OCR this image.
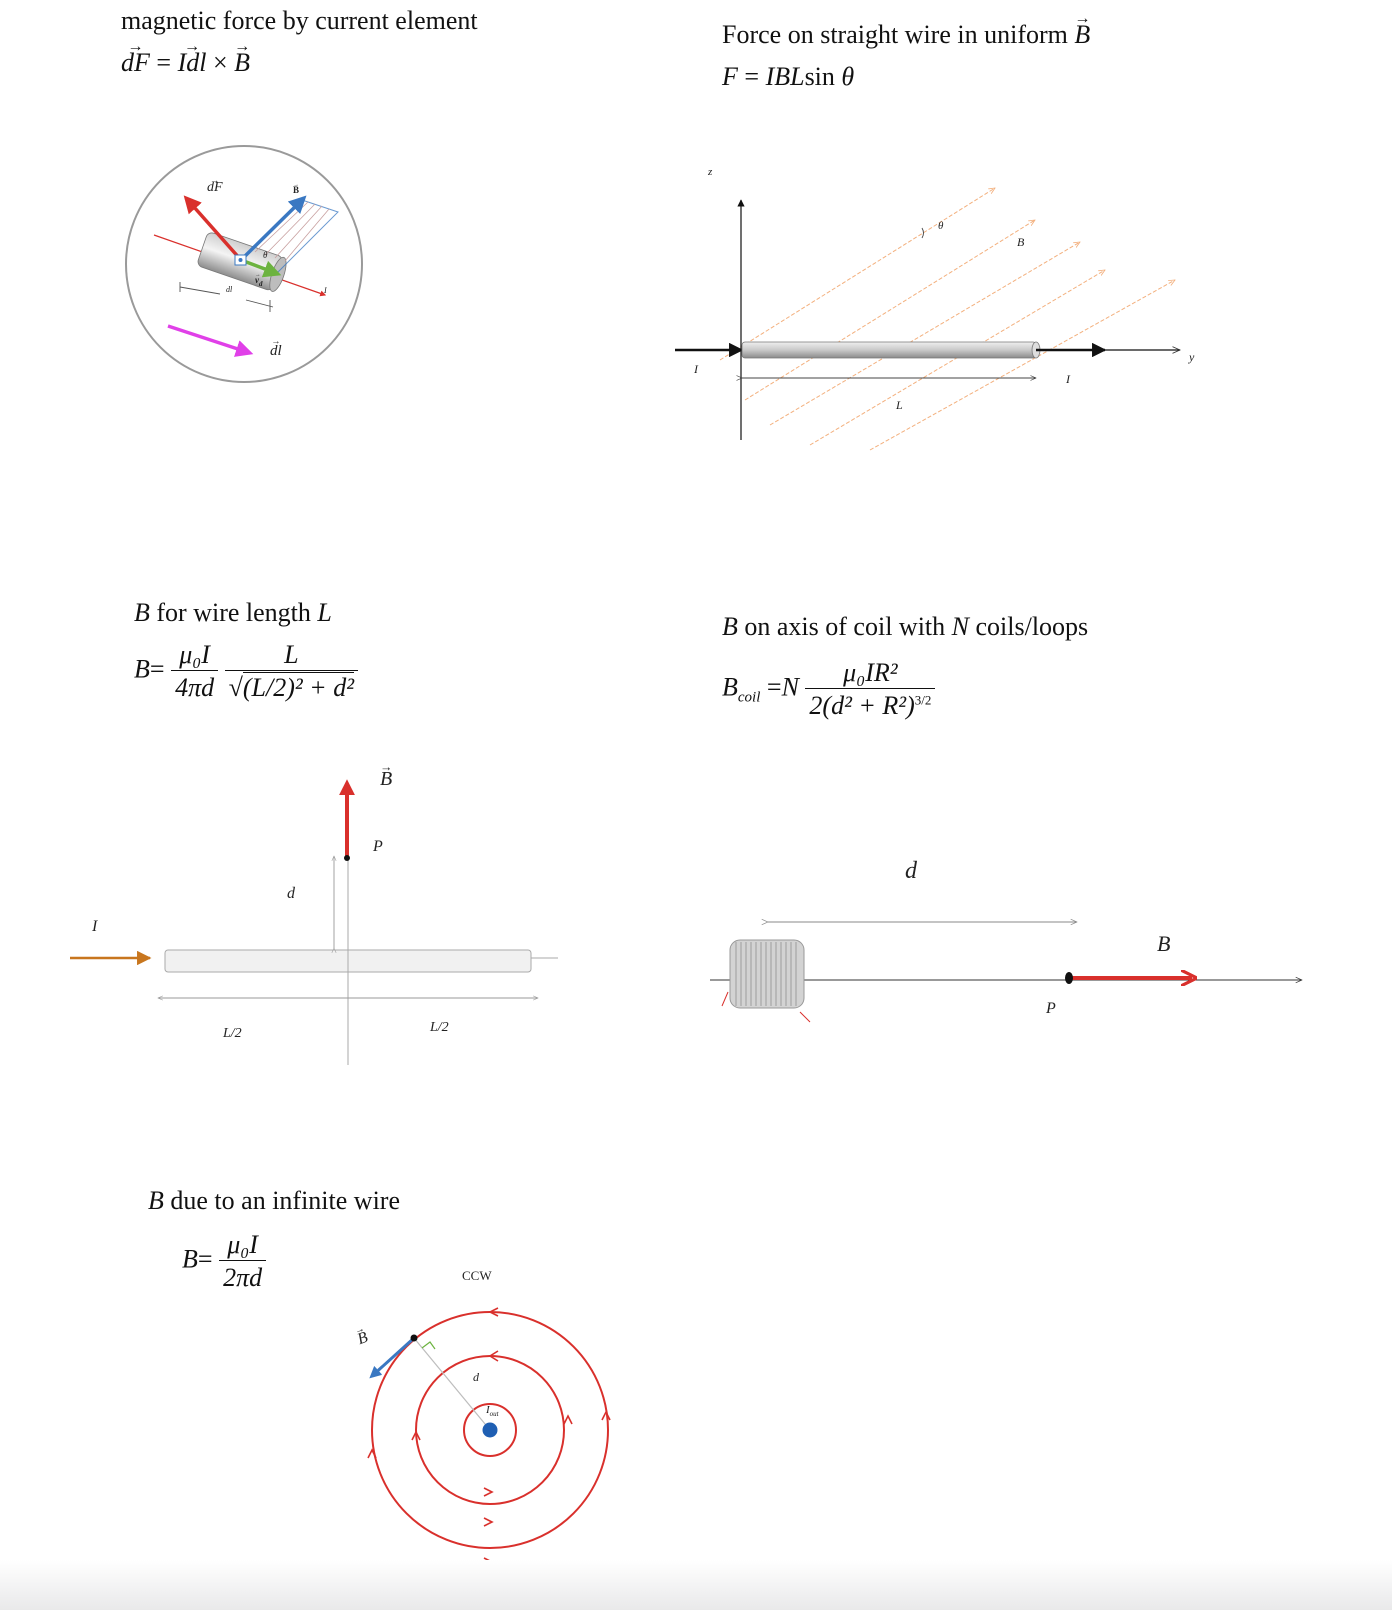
magnetic force by current element
→ dF = → Idl × → B
→ dF	→ B
θ
→ $v_d$
dl	I
→ dl
Force on straight wire in uniform → B
F = IBLsin θ
z
θ
B
y
I
I
L
B for wire length L
$B= \frac{\text{μ₀I}}{4\pi d}$
$\frac{L}{\text{√(L/2)² + d²}}$
I
→ B
P
d
L/2	L/2
B on axis of coil with N coils/loops
$B_{coil} =N \frac{\text{μ₀IR²}}{2(d^2 + R^2)^{3/2}}$
d
B
P
B due to an infinite wire
$B= \frac{\text{μ₀I}}{2\pi d}$	CCW
→ B
d
$I_{out}$
